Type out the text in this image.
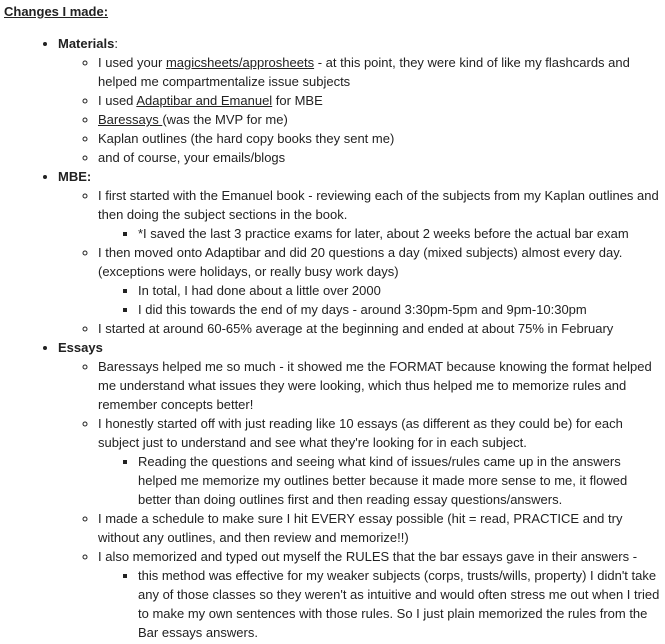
Changes I made:
• Materials:
◦ I used your magicsheets/approsheets - at this point, they were kind of like my flashcards and helped me compartmentalize issue subjects
◦ I used Adaptibar and Emanuel for MBE
◦ Baressays (was the MVP for me)
◦ Kaplan outlines (the hard copy books they sent me)
◦ and of course, your emails/blogs
• MBE:
◦ I first started with the Emanuel book - reviewing each of the subjects from my Kaplan outlines and then doing the subject sections in the book.
▪ *I saved the last 3 practice exams for later, about 2 weeks before the actual bar exam
◦ I then moved onto Adaptibar and did 20 questions a day (mixed subjects) almost every day. (exceptions were holidays, or really busy work days)
▪ In total, I had done about a little over 2000
▪ I did this towards the end of my days - around 3:30pm-5pm and 9pm-10:30pm
◦ I started at around 60-65% average at the beginning and ended at about 75% in February
• Essays
◦ Baressays helped me so much - it showed me the FORMAT because knowing the format helped me understand what issues they were looking, which thus helped me to memorize rules and remember concepts better!
◦ I honestly started off with just reading like 10 essays (as different as they could be) for each subject just to understand and see what they're looking for in each subject.
▪ Reading the questions and seeing what kind of issues/rules came up in the answers helped me memorize my outlines better because it made more sense to me, it flowed better than doing outlines first and then reading essay questions/answers.
◦ I made a schedule to make sure I hit EVERY essay possible (hit = read, PRACTICE and try without any outlines, and then review and memorize!!)
◦ I also memorized and typed out myself the RULES that the bar essays gave in their answers -
▪ this method was effective for my weaker subjects (corps, trusts/wills, property) I didn't take any of those classes so they weren't as intuitive and would often stress me out when I tried to make my own sentences with those rules. So I just plain memorized the rules from the Bar essays answers.
